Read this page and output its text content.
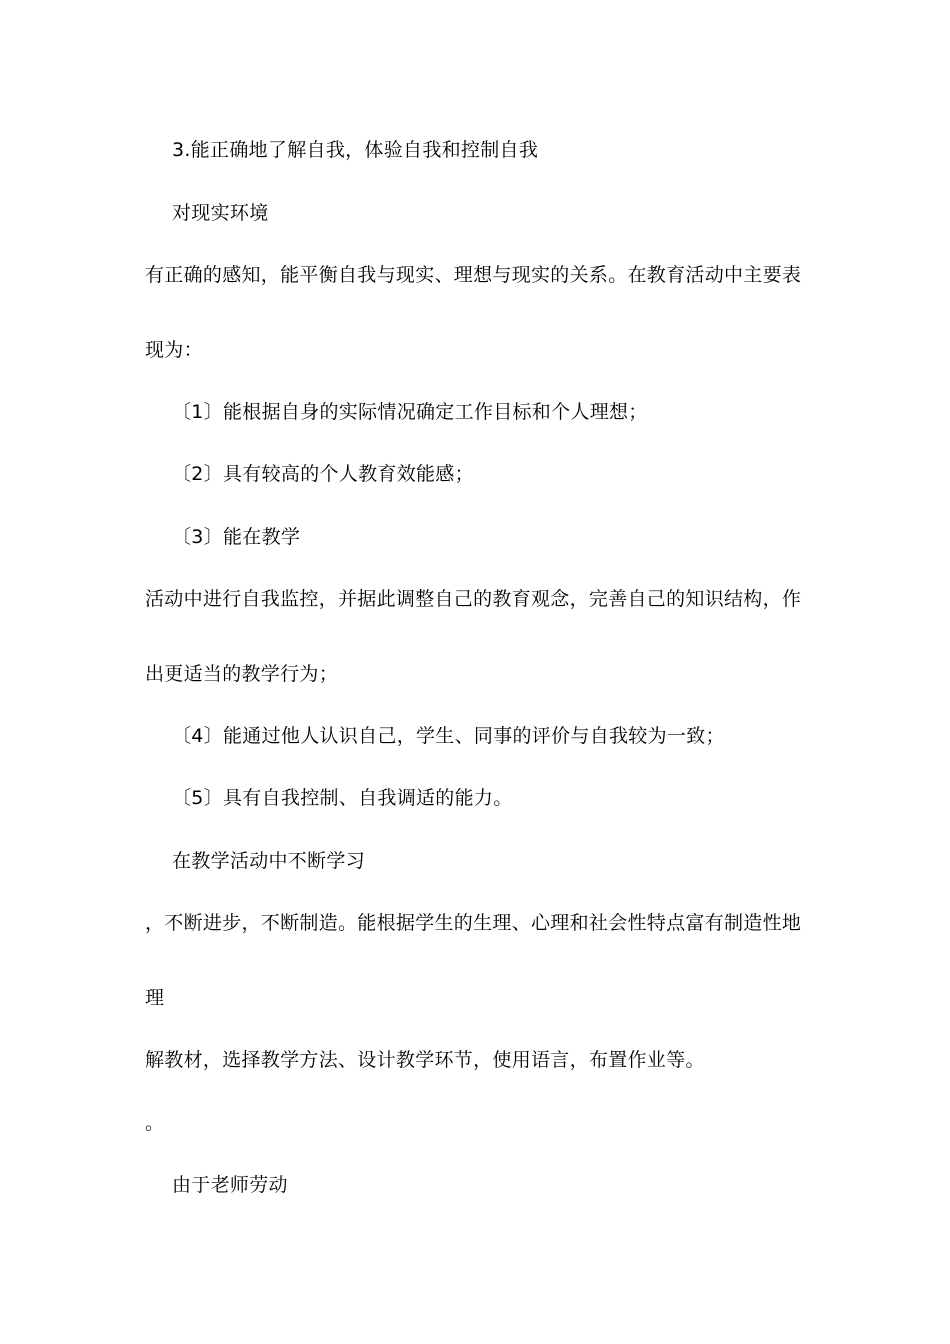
3.能正确地了解自我，体验自我和控制自我
对现实环境
有正确的感知，能平衡自我与现实、理想与现实的关系。在教育活动中主要表
现为：
〔1〕能根据自身的实际情况确定工作目标和个人理想；
〔2〕具有较高的个人教育效能感；
〔3〕能在教学
活动中进行自我监控，并据此调整自己的教育观念，完善自己的知识结构，作
出更适当的教学行为；
〔4〕能通过他人认识自己，学生、同事的评价与自我较为一致；
〔5〕具有自我控制、自我调适的能力。
在教学活动中不断学习
，不断进步，不断制造。能根据学生的生理、心理和社会性特点富有制造性地
理
解教材，选择教学方法、设计教学环节，使用语言，布置作业等。
。
由于老师劳动
